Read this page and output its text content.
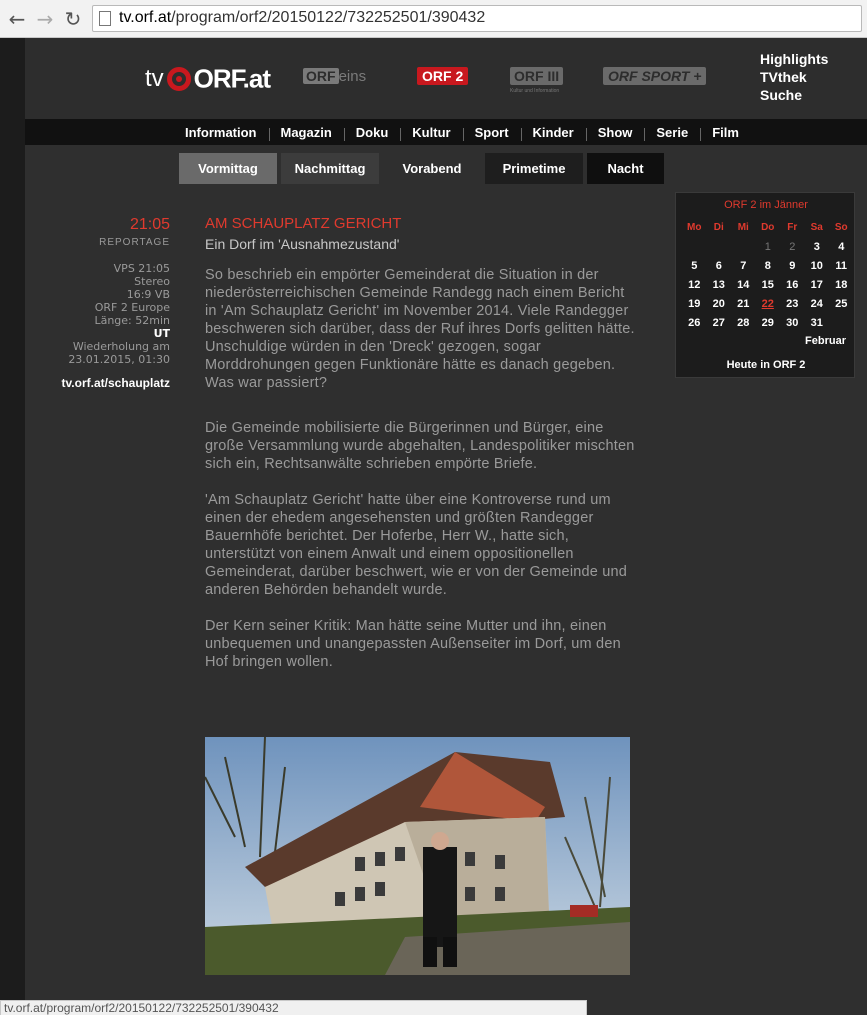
← → ↻ tv.orf.at/program/orf2/20150122/732252501/390432
tv ORF.at	ORF eins	ORF 2	ORF III
Kultur und Information
ORF SPORT +
Highlights
TVthek
Suche
Information	Magazin	Doku	Kultur	Sport	Kinder	Show	Serie	Film
Vormittag	Nachmittag	Vorabend	Primetime	Nacht
21:05
REPORTAGE
VPS 21:05
Stereo
16:9 VB
ORF 2 Europe
Länge: 52min
UT
Wiederholung am
23.01.2015, 01:30
tv.orf.at/schauplatz
AM SCHAUPLATZ GERICHT
Ein Dorf im 'Ausnahmezustand'

So beschrieb ein empörter Gemeinderat die Situation in der niederösterreichischen Gemeinde Randegg nach einem Bericht in 'Am Schauplatz Gericht' im November 2014. Viele Randegger beschweren sich darüber, dass der Ruf ihres Dorfs gelitten hätte. Unschuldige würden in den 'Dreck' gezogen, sogar Morddrohungen gegen Funktionäre hätte es danach gegeben. Was war passiert?

Die Gemeinde mobilisierte die Bürgerinnen und Bürger, eine große Versammlung wurde abgehalten, Landespolitiker mischten sich ein, Rechtsanwälte schrieben empörte Briefe.

'Am Schauplatz Gericht' hatte über eine Kontroverse rund um einen der ehedem angesehensten und größten Randegger Bauernhöfe berichtet. Der Hoferbe, Herr W., hatte sich, unterstützt von einem Anwalt und einem oppositionellen Gemeinderat, darüber beschwert, wie er von der Gemeinde und anderen Behörden behandelt wurde.

Der Kern seiner Kritik: Man hätte seine Mutter und ihn, einen unbequemen und unangepassten Außenseiter im Dorf, um den Hof bringen wollen.

ORF 2 im Jänner
Mo	Di	Mi	Do	Fr	Sa	So
			1	2	3	4
5	6	7	8	9	10	11
12	13	14	15	16	17	18
19	20	21	22	23	24	25
26	27	28	29	30	31	
Februar
Heute in ORF 2
tv.orf.at/program/orf2/20150122/732252501/390432
